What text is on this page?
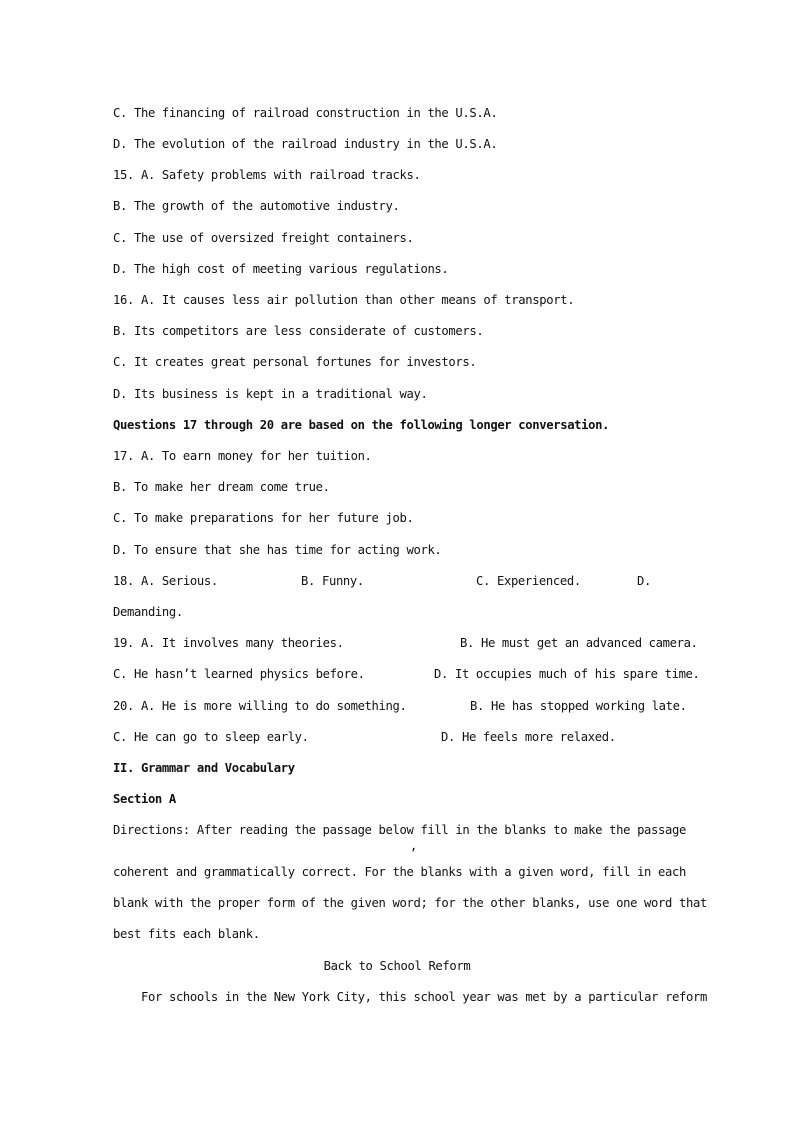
C. The financing of railroad construction in the U.S.A.
D. The evolution of the railroad industry in the U.S.A.
15. A. Safety problems with railroad tracks.
B. The growth of the automotive industry.
C. The use of oversized freight containers.
D. The high cost of meeting various regulations.
16. A. It causes less air pollution than other means of transport.
B. Its competitors are less considerate of customers.
C. It creates great personal fortunes for investors.
D. Its business is kept in a traditional way.
Questions 17 through 20 are based on the following longer conversation.
17. A. To earn money for her tuition.
B. To make her dream come true.
C. To make preparations for her future job.
D. To ensure that she has time for acting work.

18. A. Serious.

	B. Funny.

	C. Experienced.

	D.

Demanding.

19. A. It involves many theories.

	B. He must get an advanced camera.

C. He hasn’t learned physics before.

	D. It occupies much of his spare time.

20. A. He is more willing to do something.

	B. He has stopped working late.

C. He can go to sleep early.

	D. He feels more relaxed.

II. Grammar and Vocabulary
Section A
Directions: After reading the passage below fill in the blanks to make the passage
,
coherent and grammatically correct. For the blanks with a given word, fill in each
blank with the proper form of the given word; for the other blanks, use one word that
best fits each blank.
Back to School Reform
For schools in the New York City, this school year was met by a particular reform
